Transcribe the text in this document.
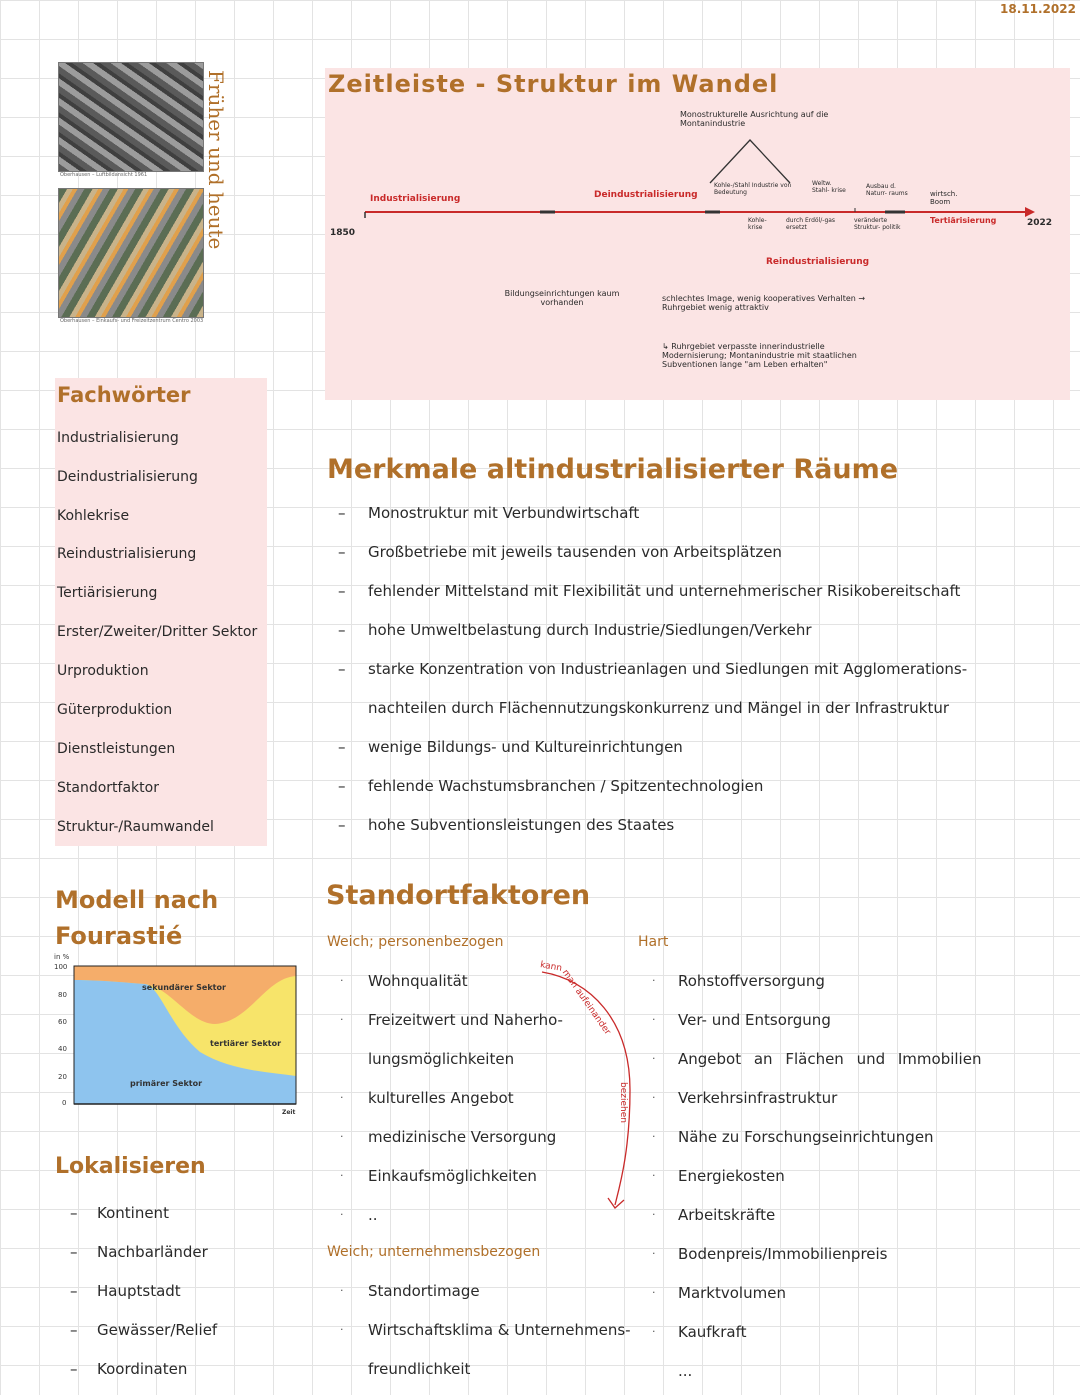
18.11.2022
Oberhausen – Luftbildansicht 1961
Oberhausen – Einkaufs- und Freizeitzentrum Centro 2003
Früher und heute	Zeitleiste - Struktur im Wandel
1850
2022
Monostrukturelle Ausrichtung auf die Montanindustrie
Industrialisierung	Deindustrialisierung
Kohle-/Stahl Industrie von Bedeutung
Weltw. Stahl- krise
Ausbau d. Naturr- raums	wirtsch. Boom
Tertiärisierung
Kohle- krise
durch Erdöl/-gas ersetzt
veränderte Struktur- politik
Reindustrialisierung
Bildungseinrichtungen kaum vorhanden	schlechtes Image, wenig kooperatives Verhalten → Ruhrgebiet wenig attraktiv
↳ Ruhrgebiet verpasste innerindustrielle Modernisierung; Montanindustrie mit staatlichen Subventionen lange "am Leben erhalten"
Fachwörter
Industrialisierung
Deindustrialisierung
Kohlekrise
Reindustrialisierung
Tertiärisierung
Erster/Zweiter/Dritter Sektor
Urproduktion
Güterproduktion
Dienstleistungen
Standortfaktor
Struktur-/Raumwandel
Merkmale altindustrialisierter Räume
– Monostruktur mit Verbundwirtschaft
– Großbetriebe mit jeweils tausenden von Arbeitsplätzen
– fehlender Mittelstand mit Flexibilität und unternehmerischer Risikobereitschaft
– hohe Umweltbelastung durch Industrie/Siedlungen/Verkehr
– starke Konzentration von Industrieanlagen und Siedlungen mit Agglomerations-
nachteilen durch Flächennutzungskonkurrenz und Mängel in der Infrastruktur
– wenige Bildungs- und Kultureinrichtungen
– fehlende Wachstumsbranchen / Spitzentechnologien
– hohe Subventionsleistungen des Staates
Modell nach
Fourastié
in %
100
80
60
40
20
0
sekundärer Sektor
tertiärer Sektor
primärer Sektor
Zeit
Lokalisieren
– Kontinent
– Nachbarländer
– Hauptstadt
– Gewässer/Relief
– Koordinaten
Standortfaktoren
Weich; personenbezogen
· Wohnqualität
· Freizeitwert und Naherho-
lungsmöglichkeiten
· kulturelles Angebot
· medizinische Versorgung
· Einkaufsmöglichkeiten
· ..
kann
man aufeinander
beziehen
Weich; unternehmensbezogen
· Standortimage
· Wirtschaftsklima & Unternehmens-
freundlichkeit
Hart
· Rohstoffversorgung
· Ver- und Entsorgung
· Angebot an Flächen und Immobilien
· Verkehrsinfrastruktur
· Nähe zu Forschungseinrichtungen
· Energiekosten
· Arbeitskräfte
· Bodenpreis/Immobilienpreis
· Marktvolumen
· Kaufkraft
...
